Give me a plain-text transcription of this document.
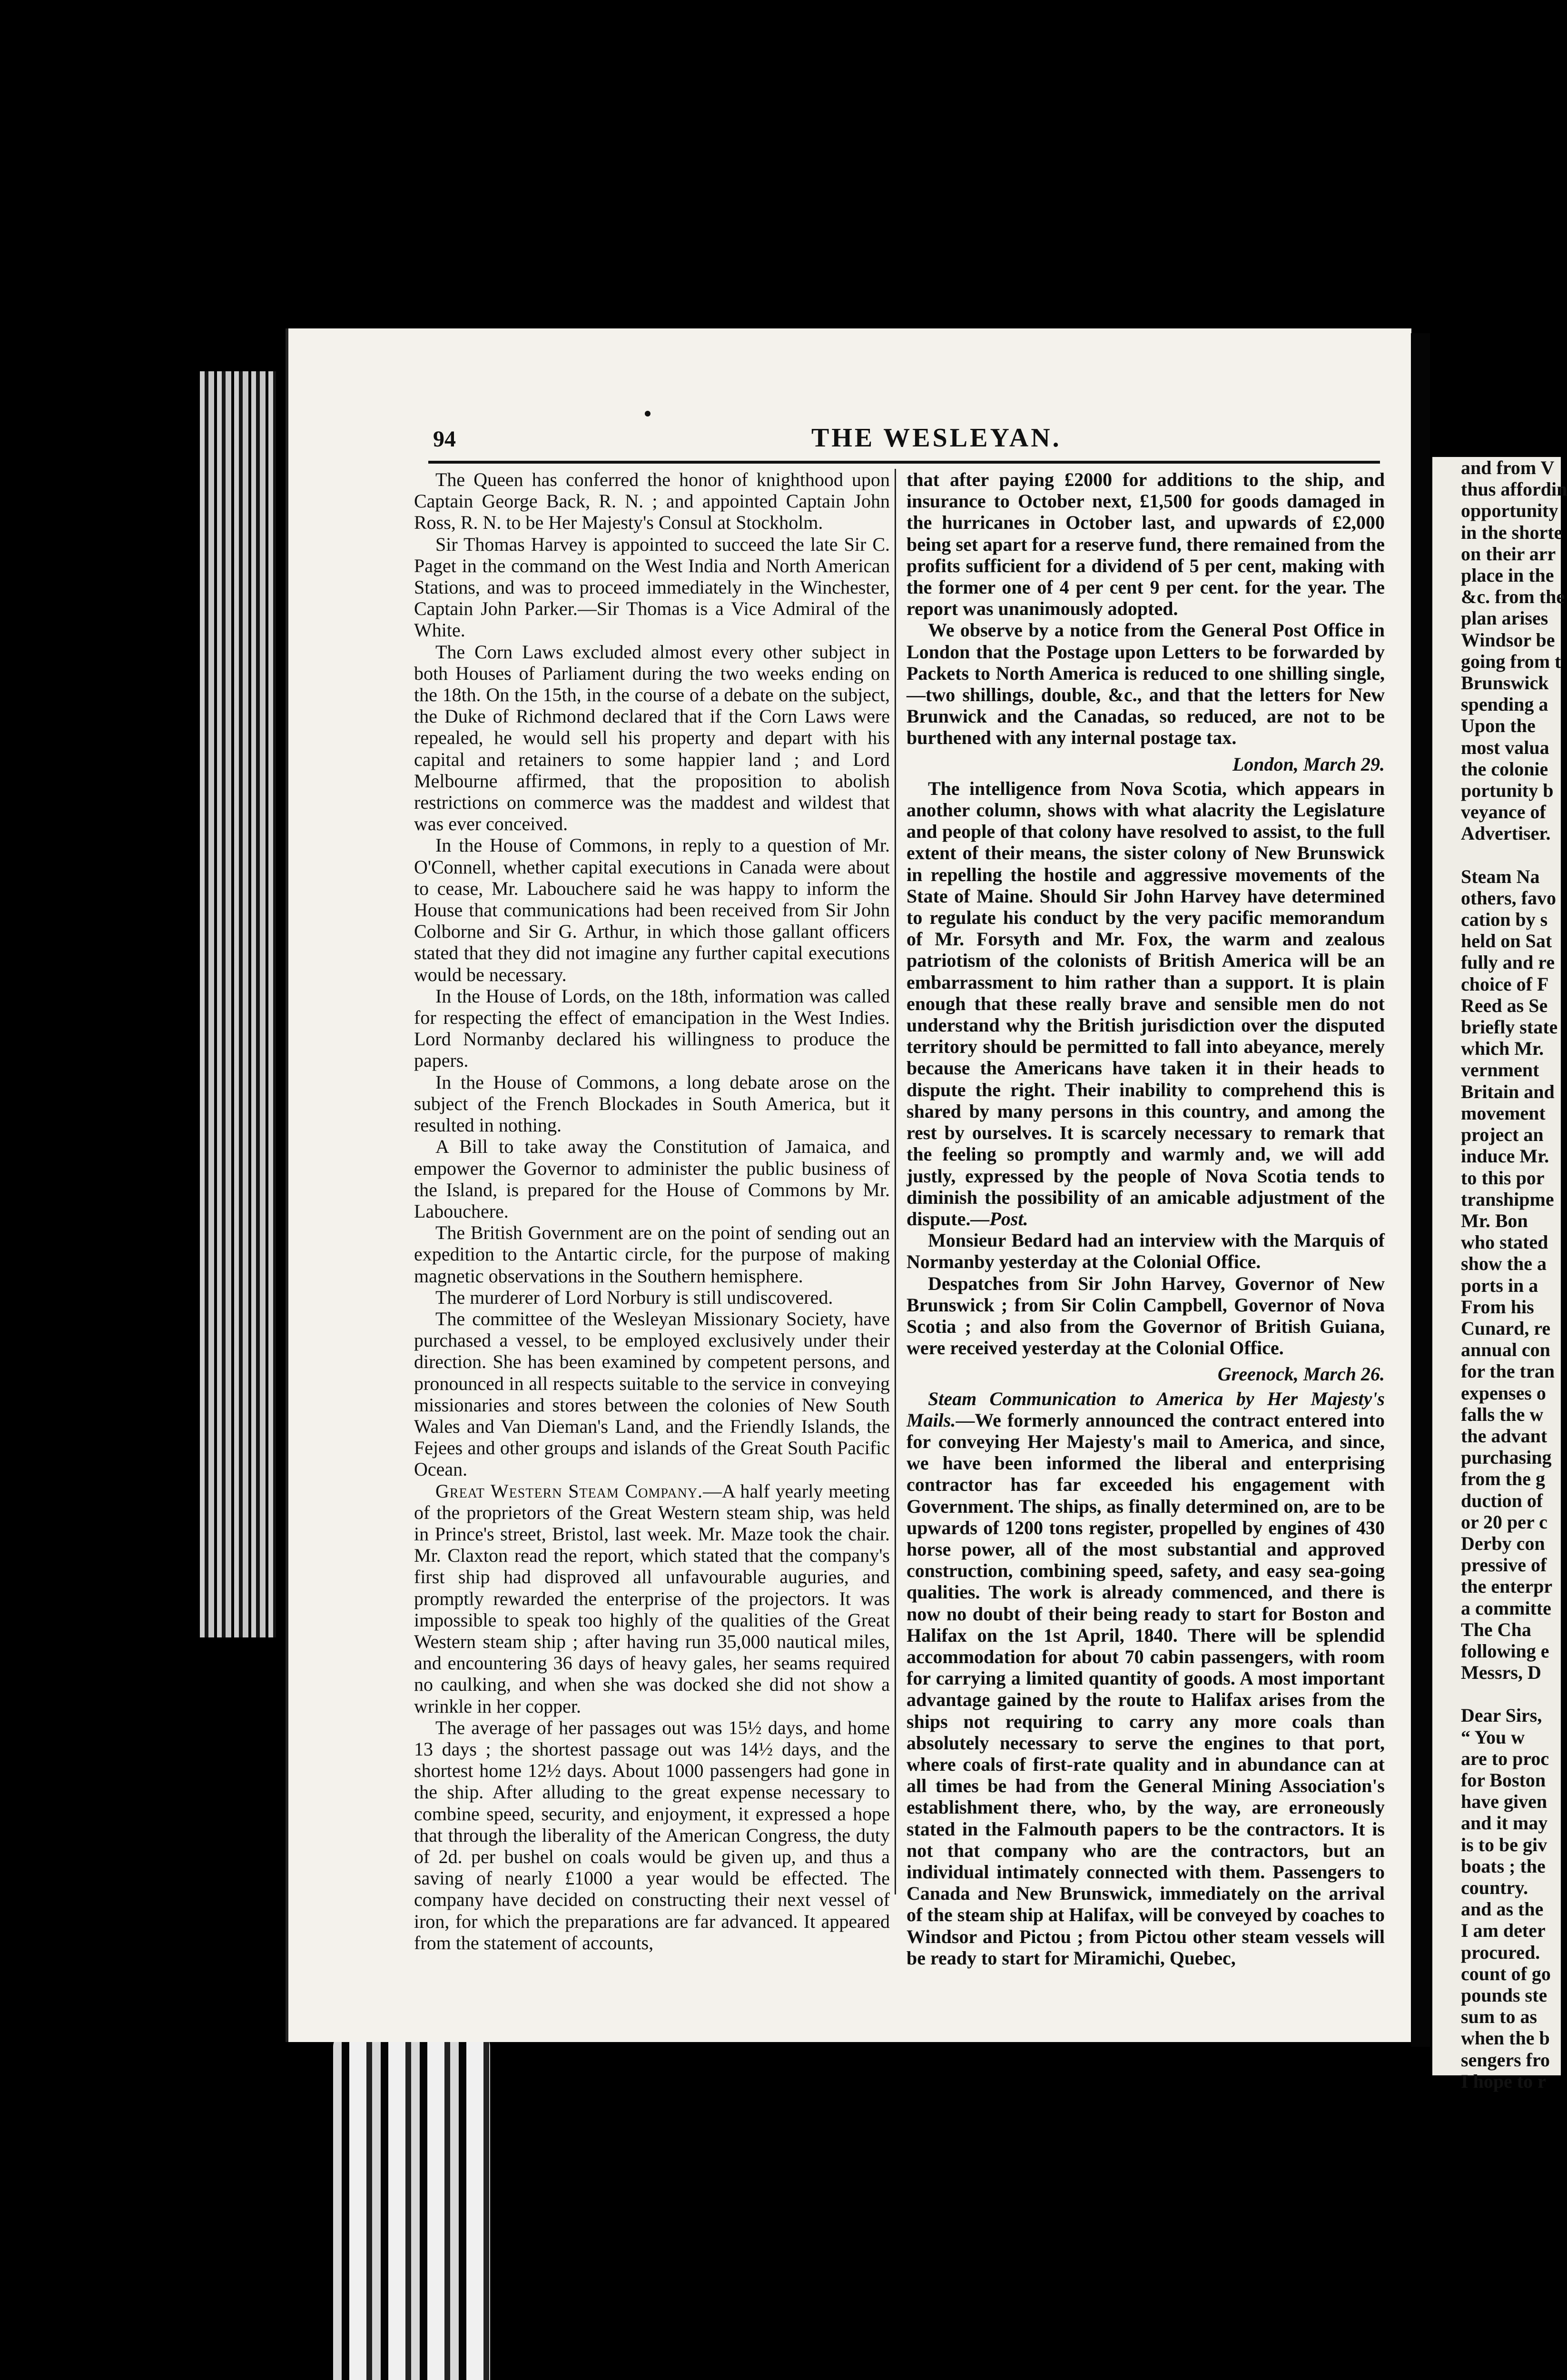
94	THE WESLEYAN.

The Queen has conferred the honor of knighthood upon Captain George Back, R. N. ; and appointed Captain John Ross, R. N. to be Her Majesty's Consul at Stockholm.

Sir Thomas Harvey is appointed to succeed the late Sir C. Paget in the command on the West India and North American Stations, and was to proceed immediately in the Winchester, Captain John Parker.—Sir Thomas is a Vice Admiral of the White.

The Corn Laws excluded almost every other subject in both Houses of Parliament during the two weeks ending on the 18th. On the 15th, in the course of a debate on the subject, the Duke of Richmond declared that if the Corn Laws were repealed, he would sell his property and depart with his capital and retainers to some happier land ; and Lord Melbourne affirmed, that the proposition to abolish restrictions on commerce was the maddest and wildest that was ever conceived.

In the House of Commons, in reply to a question of Mr. O'Connell, whether capital executions in Canada were about to cease, Mr. Labouchere said he was happy to inform the House that communications had been received from Sir John Colborne and Sir G. Arthur, in which those gallant officers stated that they did not imagine any further capital executions would be necessary.

In the House of Lords, on the 18th, information was called for respecting the effect of emancipation in the West Indies. Lord Normanby declared his willingness to produce the papers.

In the House of Commons, a long debate arose on the subject of the French Blockades in South America, but it resulted in nothing.

A Bill to take away the Constitution of Jamaica, and empower the Governor to administer the public business of the Island, is prepared for the House of Commons by Mr. Labouchere.

The British Government are on the point of sending out an expedition to the Antartic circle, for the purpose of making magnetic observations in the Southern hemisphere.

The murderer of Lord Norbury is still undiscovered.

The committee of the Wesleyan Missionary Society, have purchased a vessel, to be employed exclusively under their direction. She has been examined by competent persons, and pronounced in all respects suitable to the service in conveying missionaries and stores between the colonies of New South Wales and Van Dieman's Land, and the Friendly Islands, the Fejees and other groups and islands of the Great South Pacific Ocean.

Great Western Steam Company.—A half yearly meeting of the proprietors of the Great Western steam ship, was held in Prince's street, Bristol, last week. Mr. Maze took the chair. Mr. Claxton read the report, which stated that the company's first ship had disproved all unfavourable auguries, and promptly rewarded the enterprise of the projectors. It was impossible to speak too highly of the qualities of the Great Western steam ship ; after having run 35,000 nautical miles, and encountering 36 days of heavy gales, her seams required no caulking, and when she was docked she did not show a wrinkle in her copper.

The average of her passages out was 15½ days, and home 13 days ; the shortest passage out was 14½ days, and the shortest home 12½ days. About 1000 passengers had gone in the ship. After alluding to the great expense necessary to combine speed, security, and enjoyment, it expressed a hope that through the liberality of the American Congress, the duty of 2d. per bushel on coals would be given up, and thus a saving of nearly £1000 a year would be effected. The company have decided on constructing their next vessel of iron, for which the preparations are far advanced. It appeared from the statement of accounts,

that after paying £2000 for additions to the ship, and insurance to October next, £1,500 for goods damaged in the hurricanes in October last, and upwards of £2,000 being set apart for a reserve fund, there remained from the profits sufficient for a dividend of 5 per cent, making with the former one of 4 per cent 9 per cent. for the year. The report was unanimously adopted.

We observe by a notice from the General Post Office in London that the Postage upon Letters to be forwarded by Packets to North America is reduced to one shilling single,—two shillings, double, &c., and that the letters for New Brunwick and the Canadas, so reduced, are not to be burthened with any internal postage tax.

London, March 29.

The intelligence from Nova Scotia, which appears in another column, shows with what alacrity the Legislature and people of that colony have resolved to assist, to the full extent of their means, the sister colony of New Brunswick in repelling the hostile and aggressive movements of the State of Maine. Should Sir John Harvey have determined to regulate his conduct by the very pacific memorandum of Mr. Forsyth and Mr. Fox, the warm and zealous patriotism of the colonists of British America will be an embarrassment to him rather than a support. It is plain enough that these really brave and sensible men do not understand why the British jurisdiction over the disputed territory should be permitted to fall into abeyance, merely because the Americans have taken it in their heads to dispute the right. Their inability to comprehend this is shared by many persons in this country, and among the rest by ourselves. It is scarcely necessary to remark that the feeling so promptly and warmly and, we will add justly, expressed by the people of Nova Scotia tends to diminish the possibility of an amicable adjustment of the dispute.—Post.

Monsieur Bedard had an interview with the Marquis of Normanby yesterday at the Colonial Office.

Despatches from Sir John Harvey, Governor of New Brunswick ; from Sir Colin Campbell, Governor of Nova Scotia ; and also from the Governor of British Guiana, were received yesterday at the Colonial Office.

Greenock, March 26.

Steam Communication to America by Her Majesty's Mails.—We formerly announced the contract entered into for conveying Her Majesty's mail to America, and since, we have been informed the liberal and enterprising contractor has far exceeded his engagement with Government. The ships, as finally determined on, are to be upwards of 1200 tons register, propelled by engines of 430 horse power, all of the most substantial and approved construction, combining speed, safety, and easy sea-going qualities. The work is already commenced, and there is now no doubt of their being ready to start for Boston and Halifax on the 1st April, 1840. There will be splendid accommodation for about 70 cabin passengers, with room for carrying a limited quantity of goods. A most important advantage gained by the route to Halifax arises from the ships not requiring to carry any more coals than absolutely necessary to serve the engines to that port, where coals of first-rate quality and in abundance can at all times be had from the General Mining Association's establishment there, who, by the way, are erroneously stated in the Falmouth papers to be the contractors. It is not that company who are the contractors, but an individual intimately connected with them. Passengers to Canada and New Brunswick, immediately on the arrival of the steam ship at Halifax, will be conveyed by coaches to Windsor and Pictou ; from Pictou other steam vessels will be ready to start for Miramichi, Quebec,

and from V
thus affordin
opportunity
in the shorte
on their arr
place in the
&c. from the
plan arises
Windsor be
going from t
Brunswick
spending a
Upon the
most valua
the colonie
portunity b
veyance of
Advertiser.
Steam Na
others, favo
cation by s
held on Sat
fully and re
choice of F
Reed as Se
briefly state
which Mr.
vernment
Britain and
movement
project an
induce Mr.
to this por
transhipme
Mr. Bon
who stated
show the a
ports in a
From his
Cunard, re
annual con
for the tran
expenses o
falls the w
the advant
purchasing
from the g
duction of
or 20 per c
Derby con
pressive of
the enterpr
a committe
The Cha
following e
Messrs, D
Dear Sirs,
“ You w
are to proc
for Boston
have given
and it may
is to be giv
boats ; the
country.
and as the
I am deter
procured.
count of go
pounds ste
sum to as
when the b
sengers fro
I hope to r
